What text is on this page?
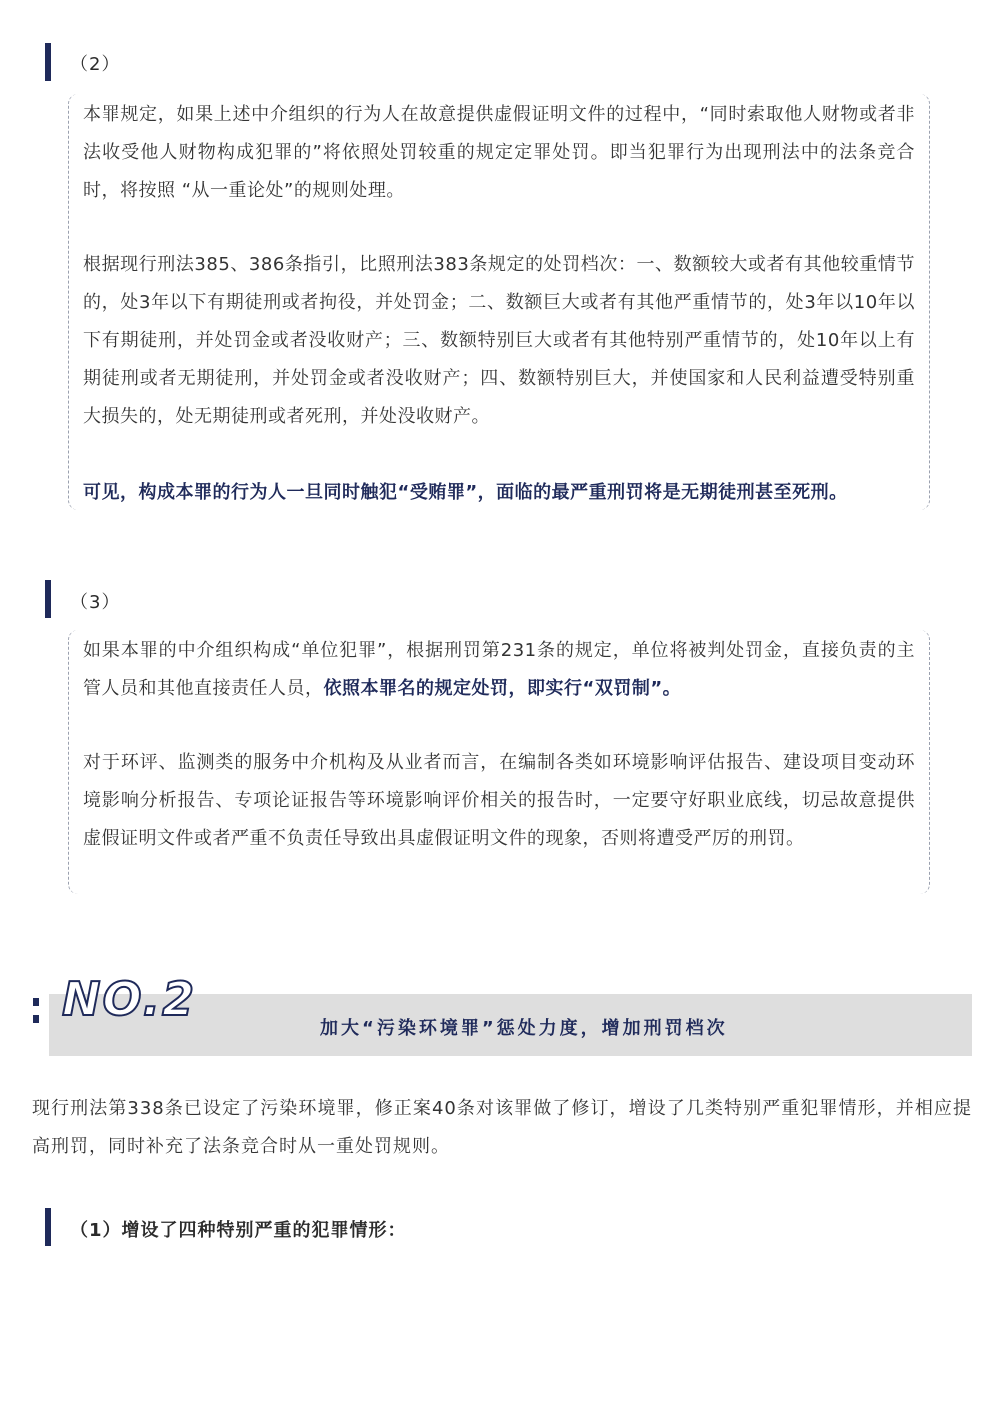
（2）

本罪规定，如果上述中介组织的行为人在故意提供虚假证明文件的过程中，“同时索取他人财物或者非法收受他人财物构成犯罪的”将依照处罚较重的规定定罪处罚。即当犯罪行为出现刑法中的法条竞合时，将按照 “从一重论处”的规则处理。

根据现行刑法385、386条指引，比照刑法383条规定的处罚档次：一、数额较大或者有其他较重情节的，处3年以下有期徒刑或者拘役，并处罚金；二、数额巨大或者有其他严重情节的，处3年以10年以下有期徒刑，并处罚金或者没收财产；三、数额特别巨大或者有其他特别严重情节的，处10年以上有期徒刑或者无期徒刑，并处罚金或者没收财产；四、数额特别巨大，并使国家和人民利益遭受特别重大损失的，处无期徒刑或者死刑，并处没收财产。

可见，构成本罪的行为人一旦同时触犯“受贿罪”，面临的最严重刑罚将是无期徒刑甚至死刑。

（3）

如果本罪的中介组织构成“单位犯罪”，根据刑罚第231条的规定，单位将被判处罚金，直接负责的主管人员和其他直接责任人员，依照本罪名的规定处罚，即实行“双罚制”。

对于环评、监测类的服务中介机构及从业者而言，在编制各类如环境影响评估报告、建设项目变动环境影响分析报告、专项论证报告等环境影响评价相关的报告时，一定要守好职业底线，切忌故意提供虚假证明文件或者严重不负责任导致出具虚假证明文件的现象，否则将遭受严厉的刑罚。

NO.2
加大“污染环境罪”惩处力度，增加刑罚档次

现行刑法第338条已设定了污染环境罪，修正案40条对该罪做了修订，增设了几类特别严重犯罪情形，并相应提高刑罚，同时补充了法条竞合时从一重处罚规则。

（1）增设了四种特别严重的犯罪情形：
